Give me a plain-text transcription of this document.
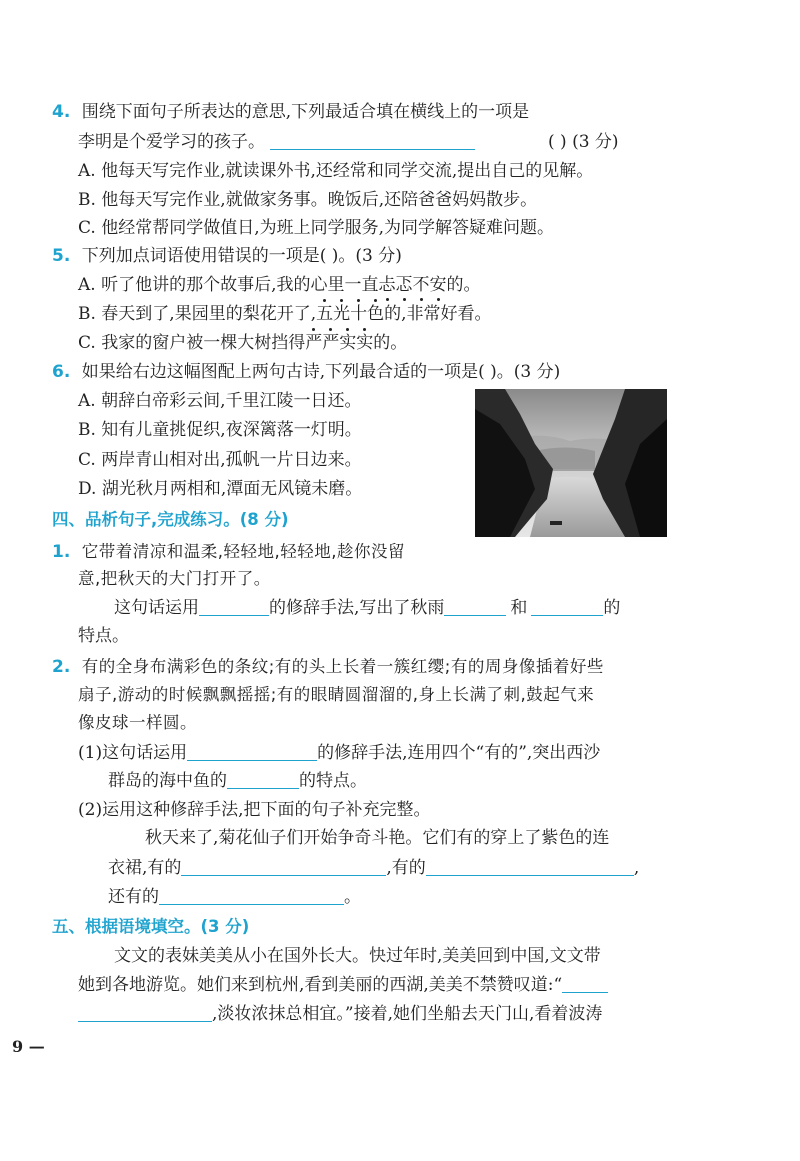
4. 围绕下面句子所表达的意思,下列最适合填在横线上的一项是
李明是个爱学习的孩子。	( ) (3 分)
A. 他每天写完作业,就读课外书,还经常和同学交流,提出自己的见解。
B. 他每天写完作业,就做家务事。晚饭后,还陪爸爸妈妈散步。
C. 他经常帮同学做值日,为班上同学服务,为同学解答疑难问题。
5. 下列加点词语使用错误的一项是( )。(3 分)
A. 听了他讲的那个故事后,我的心里一直忐忑不安的。
B. 春天到了,果园里的梨花开了,五光十色的,非常好看。
C. 我家的窗户被一棵大树挡得严严实实的。
6. 如果给右边这幅图配上两句古诗,下列最合适的一项是( )。(3 分)
A. 朝辞白帝彩云间,千里江陵一日还。
B. 知有儿童挑促织,夜深篱落一灯明。
C. 两岸青山相对出,孤帆一片日边来。
D. 湖光秋月两相和,潭面无风镜未磨。
四、品析句子,完成练习。(8 分)
1. 它带着清凉和温柔,轻轻地,轻轻地,趁你没留
意,把秋天的大门打开了。
这句话运用	的修辞手法,写出了秋雨	和	的
特点。
2. 有的全身布满彩色的条纹;有的头上长着一簇红缨;有的周身像插着好些
扇子,游动的时候飘飘摇摇;有的眼睛圆溜溜的,身上长满了刺,鼓起气来
像皮球一样圆。
(1)这句话运用	的修辞手法,连用四个“有的”,突出西沙
群岛的海中鱼的	的特点。
(2)运用这种修辞手法,把下面的句子补充完整。
秋天来了,菊花仙子们开始争奇斗艳。它们有的穿上了紫色的连
衣裙,有的	,有的	,
还有的	。
五、根据语境填空。(3 分)
文文的表妹美美从小在国外长大。快过年时,美美回到中国,文文带
她到各地游览。她们来到杭州,看到美丽的西湖,美美不禁赞叹道:“
,淡妆浓抹总相宜。”接着,她们坐船去天门山,看着波涛
9 —
